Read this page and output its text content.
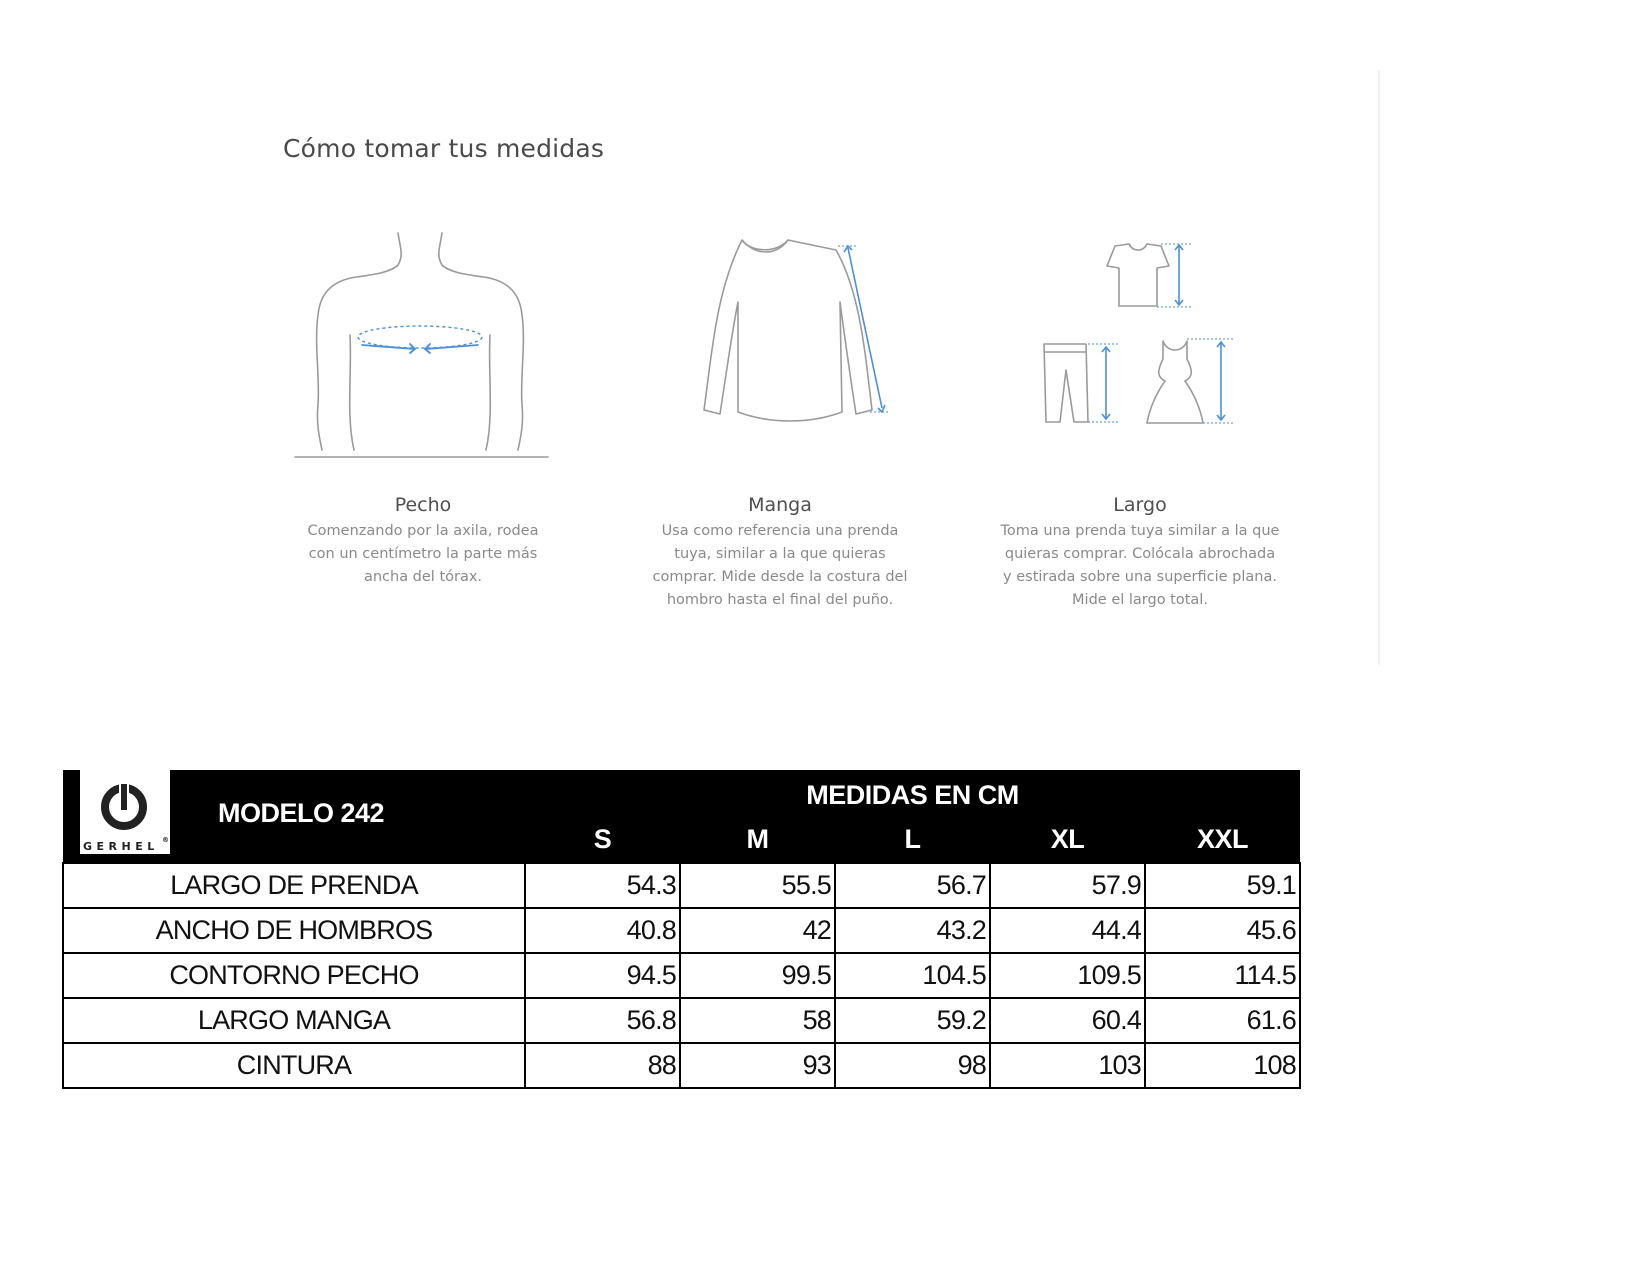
Cómo tomar tus medidas
Pecho
Comenzando por la axila, rodea con un centímetro la parte más ancha del tórax.
Manga
Usa como referencia una prenda tuya, similar a la que quieras comprar. Mide desde la costura del hombro hasta el final del puño.
Largo
Toma una prenda tuya similar a la que quieras comprar. Colócala abrochada y estirada sobre una superficie plana. Mide el largo total.
GERHEL ®
MODELO 242	MEDIDAS EN CM				
	S	M	L	XL	XXL
LARGO DE PRENDA	54.3	55.5	56.7	57.9	59.1
ANCHO DE HOMBROS	40.8	42	43.2	44.4	45.6
CONTORNO PECHO	94.5	99.5	104.5	109.5	114.5
LARGO MANGA	56.8	58	59.2	60.4	61.6
CINTURA	88	93	98	103	108
